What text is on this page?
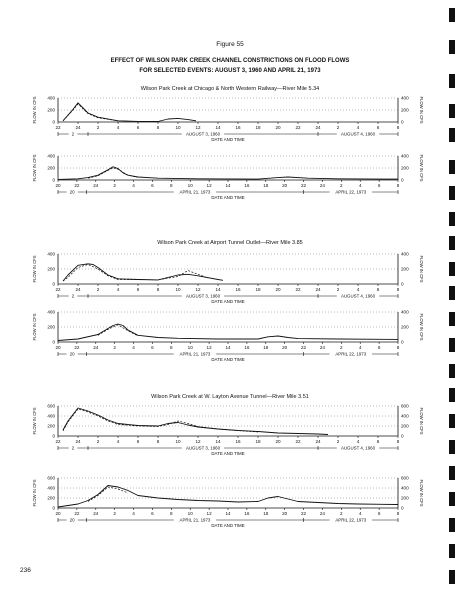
Figure 55
EFFECT OF WILSON PARK CREEK CHANNEL CONSTRICTIONS ON FLOOD FLOWS
FOR SELECTED EVENTS: AUGUST 3, 1960 AND APRIL 21, 1973
Wilson Park Creek at Chicago & North Western Railway—River Mile 5.34
Wilson Park Creek at Airport Tunnel Outlet—River Mile 3.85
Wilson Park Creek at W. Layton Avenue Tunnel—River Mile 3.51
0	0
200	200
400	400
FLOW IN CFS	FLOW IN CFS
22	24	2	4	6	8	10	12	14	16	18	20	22	24	2	4	6	8
2	AUGUST 3, 1960	AUGUST 4, 1960
DATE AND TIME
0	0
200	200
400	400
FLOW IN CFS	FLOW IN CFS
20	22	24	2	4	6	8	10	12	14	16	18	20	22	24	2	4	6	8
20	APRIL 21, 1973	APRIL 22, 1973
DATE AND TIME
0	0
200	200
400	400
FLOW IN CFS	FLOW IN CFS
22	24	2	4	6	8	10	12	14	16	18	20	22	24	2	4	6	8
2	AUGUST 3, 1960	AUGUST 4, 1960
DATE AND TIME
0	0
200	200
400	400
FLOW IN CFS	FLOW IN CFS
20	22	24	2	4	6	8	10	12	14	16	18	20	22	24	2	4	6	8
20	APRIL 21, 1973	APRIL 22, 1973
DATE AND TIME
0	0
200	200
400	400
600	600
FLOW IN CFS	FLOW IN CFS
22	24	2	4	6	8	10	12	14	16	18	20	22	24	2	4	6	8
2	AUGUST 3, 1960	AUGUST 4, 1960
DATE AND TIME
0	0
200	200
400	400
600	600
FLOW IN CFS	FLOW IN CFS
20	22	24	2	4	6	8	10	12	14	16	18	20	22	24	2	4	6	8
20	APRIL 21, 1973	APRIL 22, 1973
DATE AND TIME
236
